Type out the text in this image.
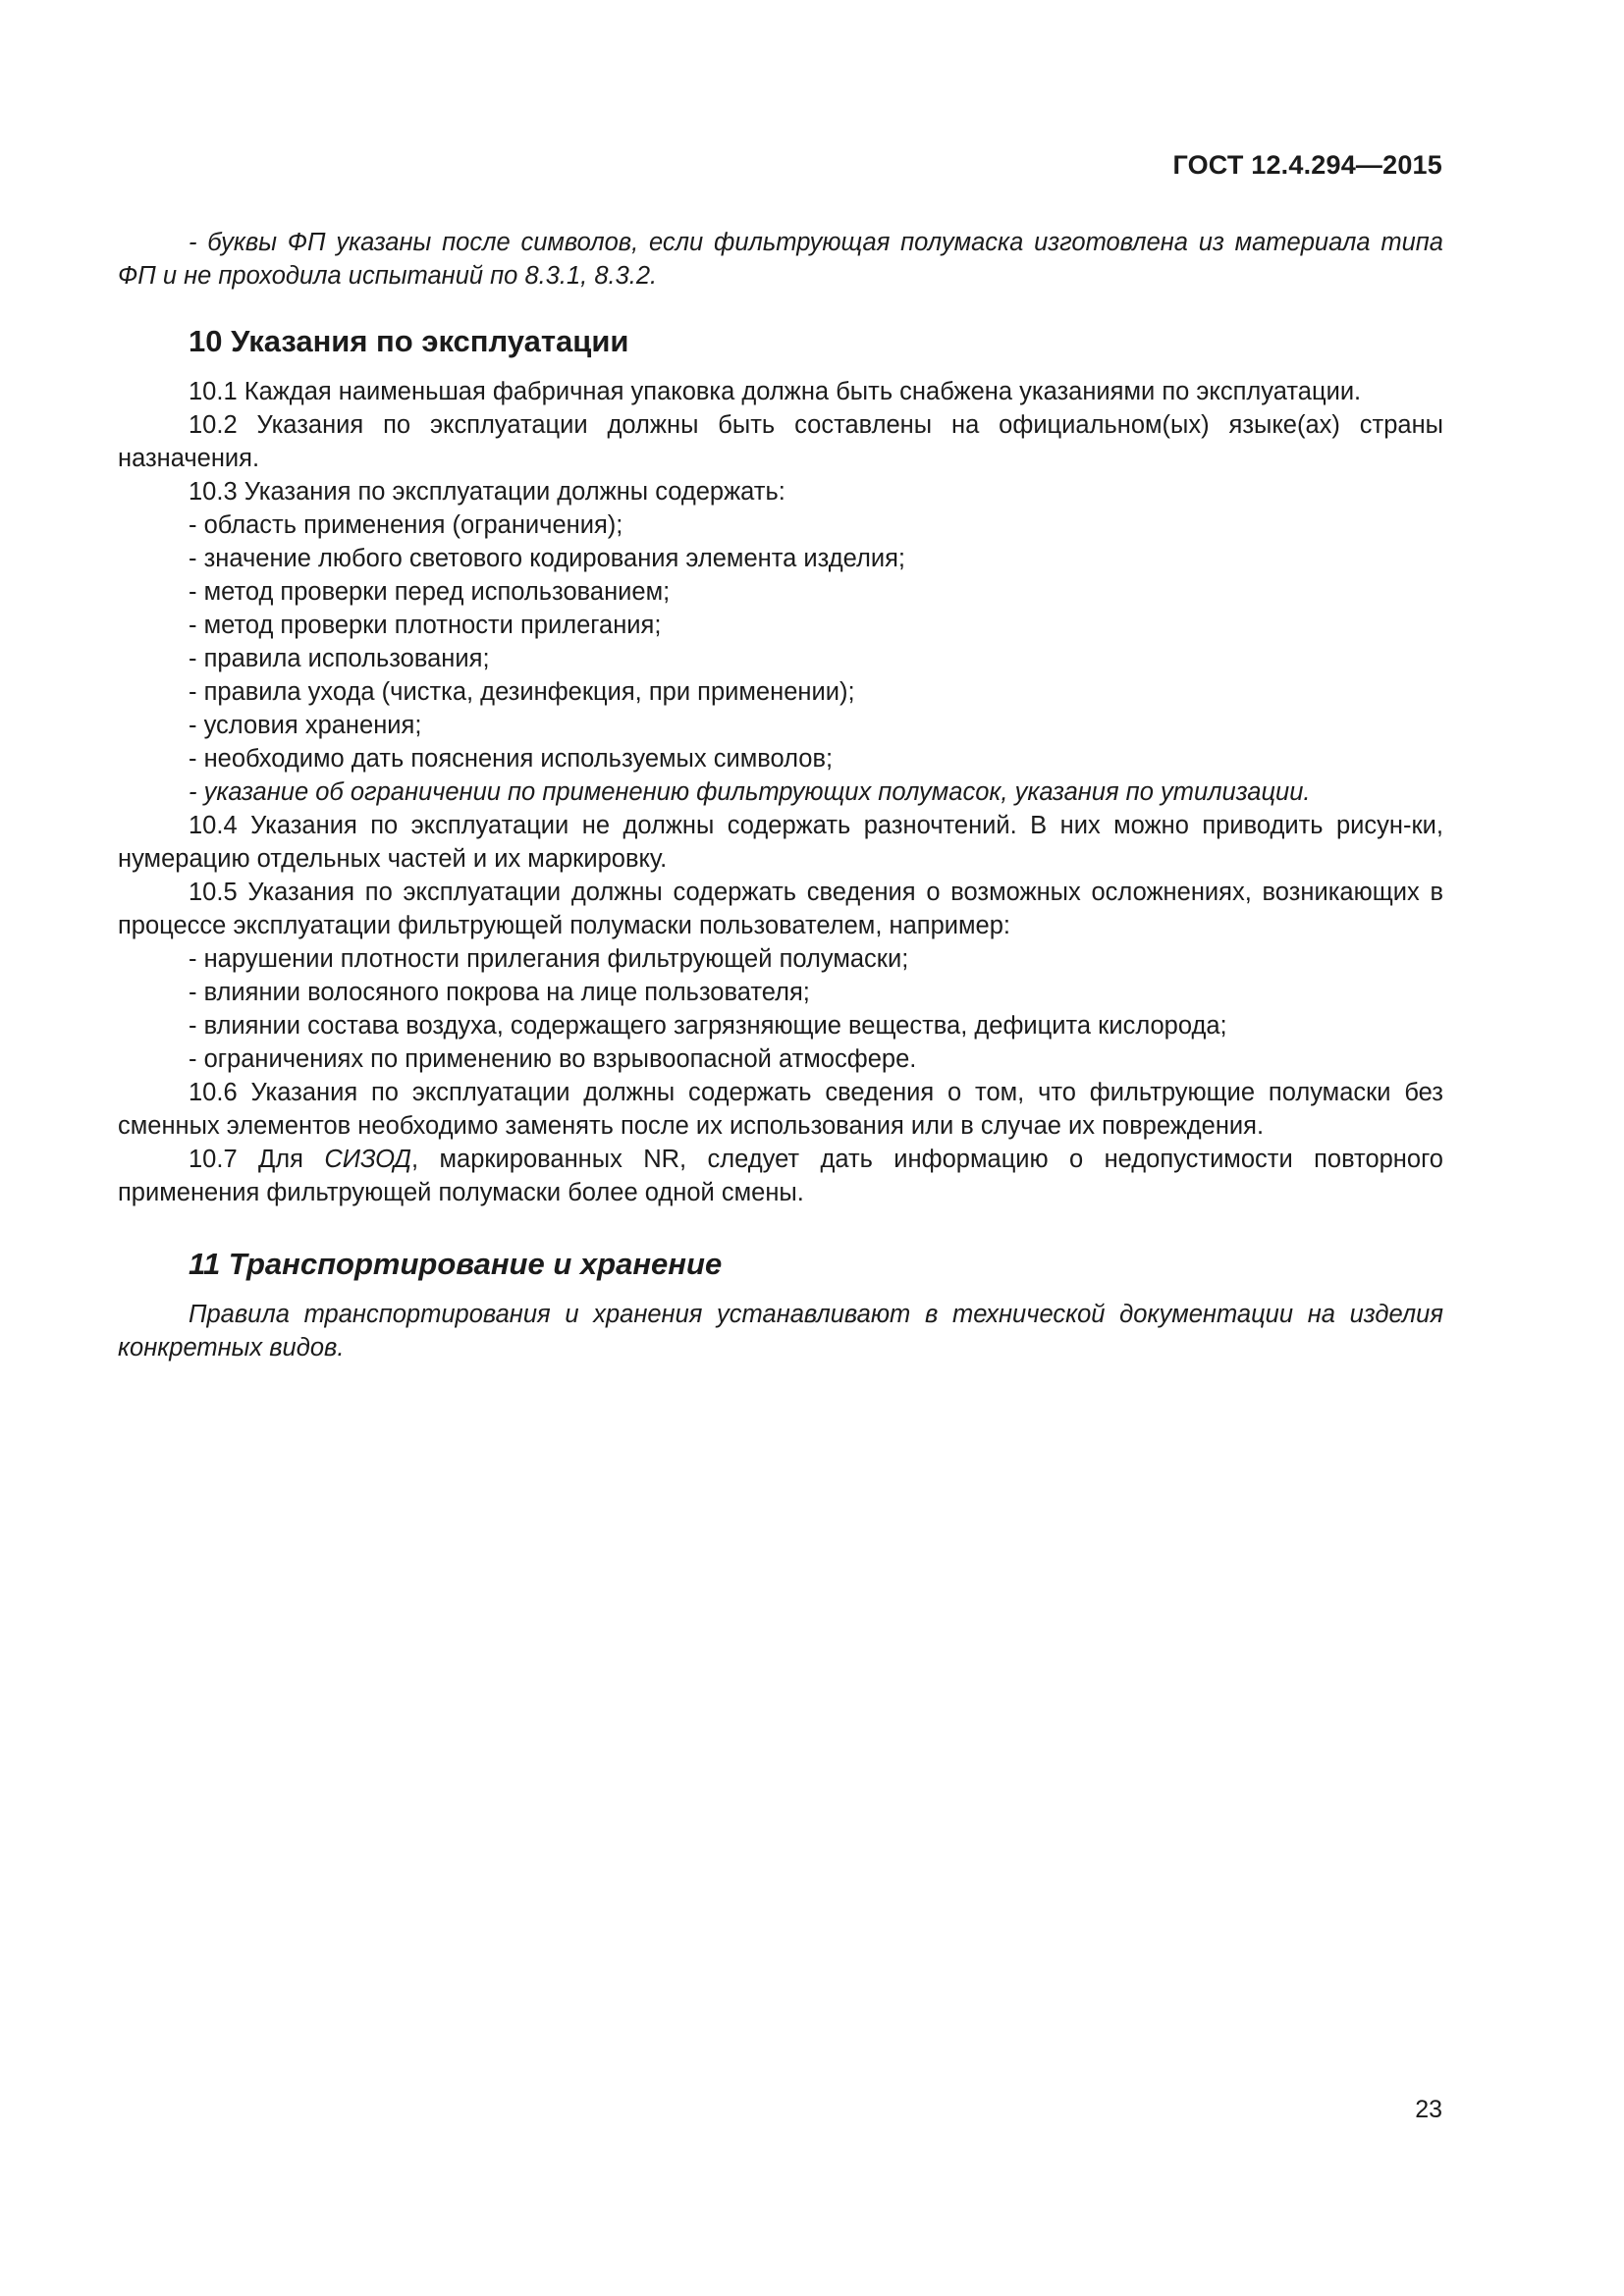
ГОСТ 12.4.294—2015

- буквы ФП указаны после символов, если фильтрующая полумаска изготовлена из материала типа ФП и не проходила испытаний по 8.3.1, 8.3.2.

10 Указания по эксплуатации

10.1 Каждая наименьшая фабричная упаковка должна быть снабжена указаниями по эксплуатации.

10.2 Указания по эксплуатации должны быть составлены на официальном(ых) языке(ах) страны назначения.

10.3 Указания по эксплуатации должны содержать:

- область применения (ограничения);

- значение любого светового кодирования элемента изделия;

- метод проверки перед использованием;

- метод проверки плотности прилегания;

- правила использования;

- правила ухода (чистка, дезинфекция, при применении);

- условия хранения;

- необходимо дать пояснения используемых символов;

- указание об ограничении по применению фильтрующих полумасок, указания по утилизации.

10.4 Указания по эксплуатации не должны содержать разночтений. В них можно приводить рисун-ки, нумерацию отдельных частей и их маркировку.

10.5 Указания по эксплуатации должны содержать сведения о возможных осложнениях, возникающих в процессе эксплуатации фильтрующей полумаски пользователем, например:

- нарушении плотности прилегания фильтрующей полумаски;

- влиянии волосяного покрова на лице пользователя;

- влиянии состава воздуха, содержащего загрязняющие вещества, дефицита кислорода;

- ограничениях по применению во взрывоопасной атмосфере.

10.6 Указания по эксплуатации должны содержать сведения о том, что фильтрующие полумаски без сменных элементов необходимо заменять после их использования или в случае их повреждения.

10.7 Для СИЗОД, маркированных NR, следует дать информацию о недопустимости повторного применения фильтрующей полумаски более одной смены.

11 Транспортирование и хранение

Правила транспортирования и хранения устанавливают в технической документации на изделия конкретных видов.

23
